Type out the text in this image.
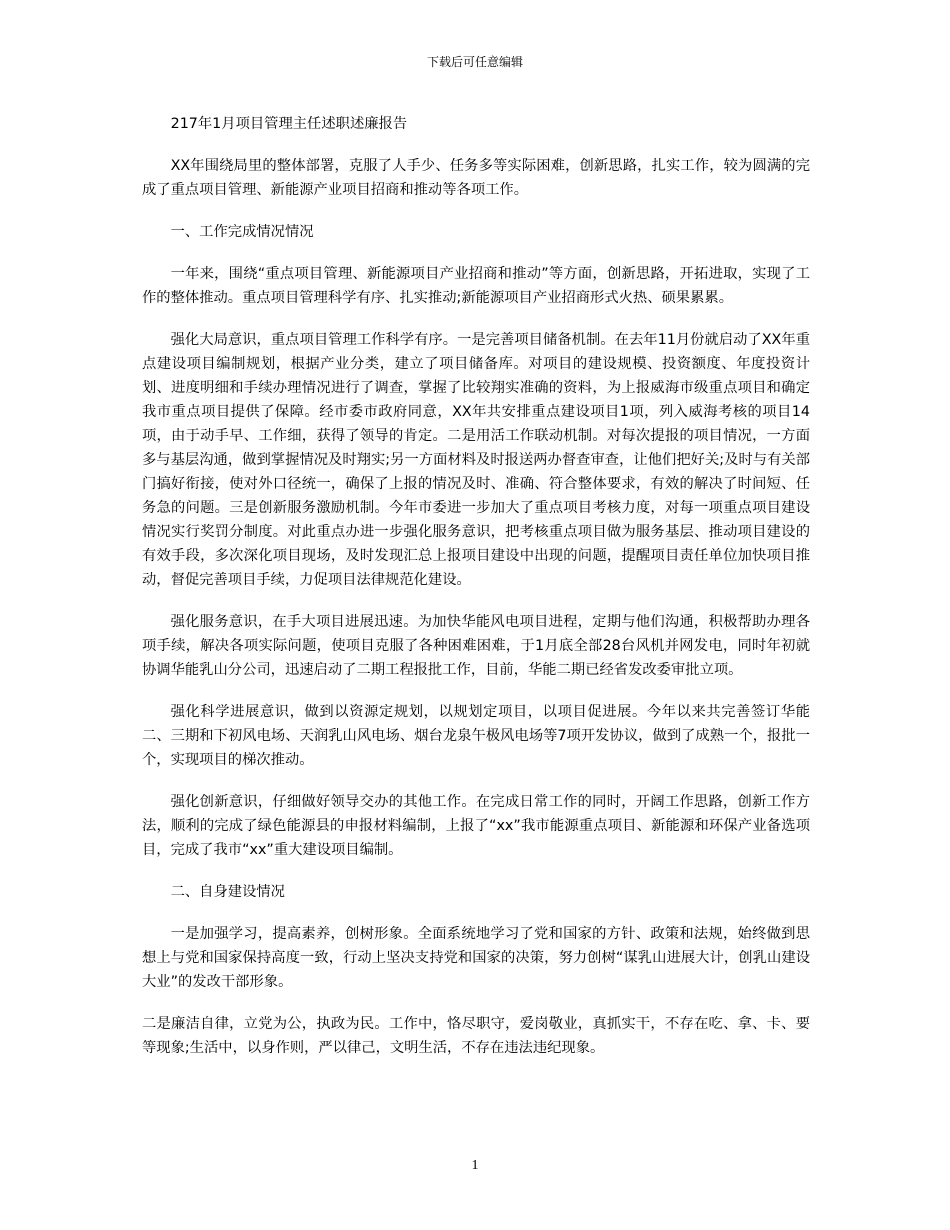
下载后可任意编辑

217年1月项目管理主任述职述廉报告

XX年围绕局里的整体部署，克服了人手少、任务多等实际困难，创新思路，扎实工作，较为圆满的完成了重点项目管理、新能源产业项目招商和推动等各项工作。

一、工作完成情况情况

一年来，围绕“重点项目管理、新能源项目产业招商和推动”等方面，创新思路，开拓进取，实现了工作的整体推动。重点项目管理科学有序、扎实推动;新能源项目产业招商形式火热、硕果累累。

强化大局意识，重点项目管理工作科学有序。一是完善项目储备机制。在去年11月份就启动了XX年重点建设项目编制规划，根据产业分类，建立了项目储备库。对项目的建设规模、投资额度、年度投资计划、进度明细和手续办理情况进行了调查，掌握了比较翔实准确的资料，为上报威海市级重点项目和确定我市重点项目提供了保障。经市委市政府同意，XX年共安排重点建设项目1项，列入威海考核的项目14项，由于动手早、工作细，获得了领导的肯定。二是用活工作联动机制。对每次提报的项目情况，一方面多与基层沟通，做到掌握情况及时翔实;另一方面材料及时报送两办督查审查，让他们把好关;及时与有关部门搞好衔接，使对外口径统一，确保了上报的情况及时、准确、符合整体要求，有效的解决了时间短、任务急的问题。三是创新服务激励机制。今年市委进一步加大了重点项目考核力度，对每一项重点项目建设情况实行奖罚分制度。对此重点办进一步强化服务意识，把考核重点项目做为服务基层、推动项目建设的有效手段，多次深化项目现场，及时发现汇总上报项目建设中出现的问题，提醒项目责任单位加快项目推动，督促完善项目手续，力促项目法律规范化建设。

强化服务意识，在手大项目进展迅速。为加快华能风电项目进程，定期与他们沟通，积极帮助办理各项手续，解决各项实际问题，使项目克服了各种困难困难，于1月底全部28台风机并网发电，同时年初就协调华能乳山分公司，迅速启动了二期工程报批工作，目前，华能二期已经省发改委审批立项。

强化科学进展意识，做到以资源定规划，以规划定项目，以项目促进展。今年以来共完善签订华能二、三期和下初风电场、天润乳山风电场、烟台龙泉午极风电场等7项开发协议，做到了成熟一个，报批一个，实现项目的梯次推动。

强化创新意识，仔细做好领导交办的其他工作。在完成日常工作的同时，开阔工作思路，创新工作方法，顺利的完成了绿色能源县的申报材料编制，上报了“xx”我市能源重点项目、新能源和环保产业备选项目，完成了我市“xx”重大建设项目编制。

二、自身建设情况

一是加强学习，提高素养，创树形象。全面系统地学习了党和国家的方针、政策和法规，始终做到思想上与党和国家保持高度一致，行动上坚决支持党和国家的决策，努力创树“谋乳山进展大计，创乳山建设大业”的发改干部形象。

二是廉洁自律，立党为公，执政为民。工作中，恪尽职守，爱岗敬业，真抓实干，不存在吃、拿、卡、要等现象;生活中，以身作则，严以律己，文明生活，不存在违法违纪现象。

1
